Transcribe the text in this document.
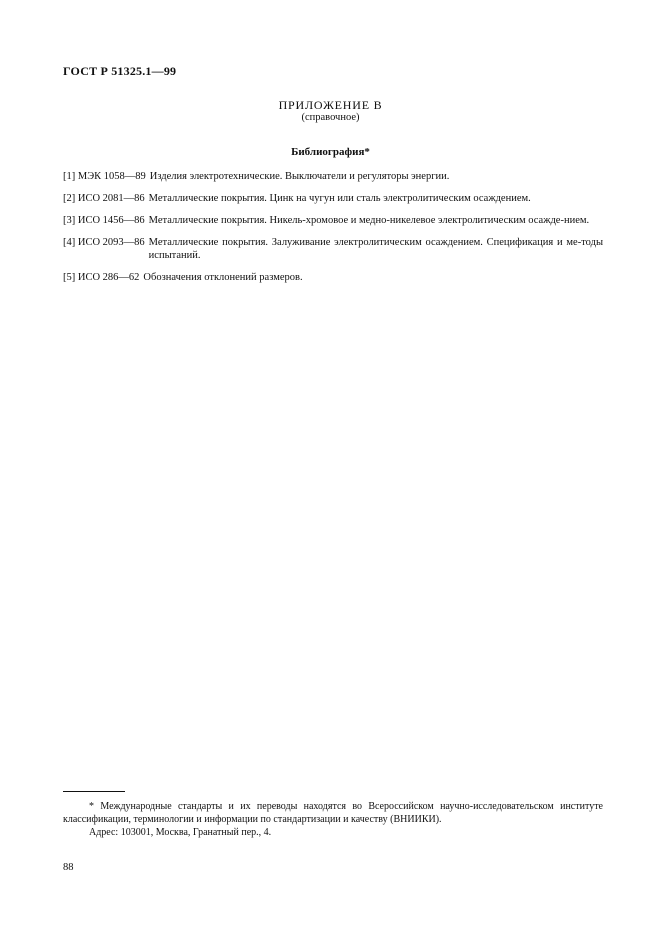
ГОСТ Р 51325.1—99
ПРИЛОЖЕНИЕ В
(справочное)
Библиография*
[1] МЭК 1058—89 Изделия электротехнические. Выключатели и регуляторы энергии.
[2] ИСО 2081—86 Металлические покрытия. Цинк на чугун или сталь электролитическим осаждением.
[3] ИСО 1456—86 Металлические покрытия. Никель-хромовое и медно-никелевое электролитическим осажде-нием.
[4] ИСО 2093—86 Металлические покрытия. Залуживание электролитическим осаждением. Спецификация и ме-тоды испытаний.
[5] ИСО 286—62 Обозначения отклонений размеров.

* Международные стандарты и их переводы находятся во Всероссийском научно-исследовательском институте классификации, терминологии и информации по стандартизации и качеству (ВНИИКИ).

Адрес: 103001, Москва, Гранатный пер., 4.

88
